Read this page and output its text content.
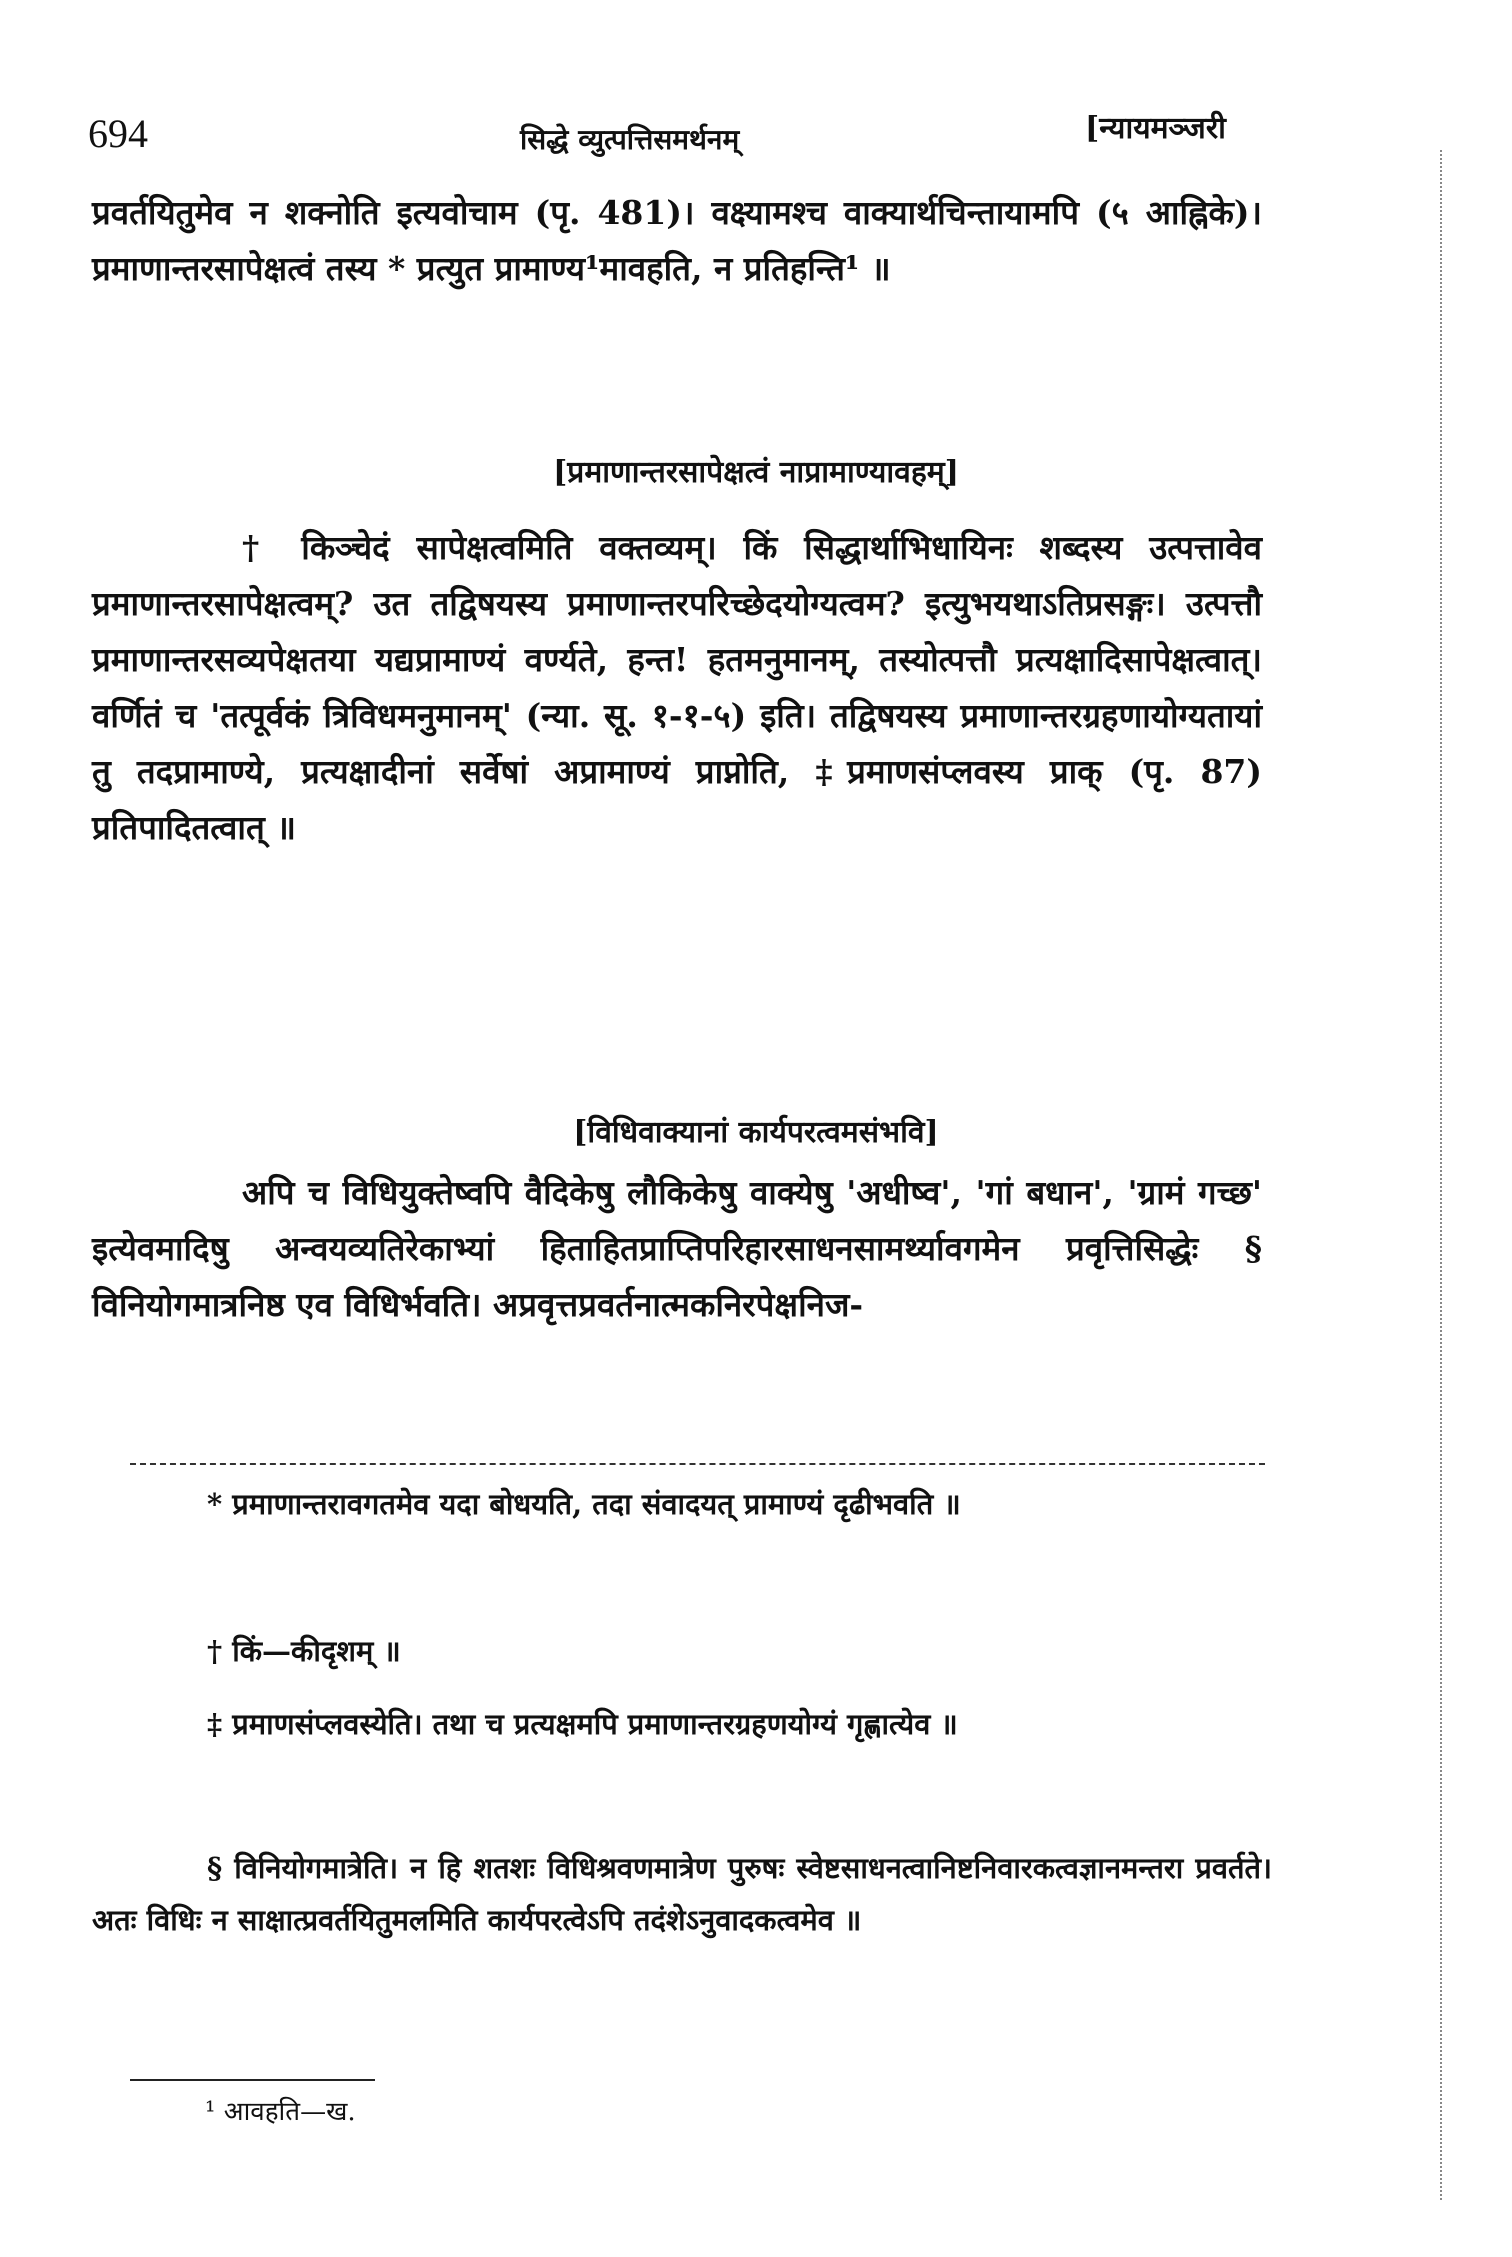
694	सिद्धे व्युत्पत्तिसमर्थनम्	[न्यायमञ्जरी
प्रवर्तयितुमेव न शक्नोति इत्यवोचाम (पृ. 481)। वक्ष्यामश्च वाक्यार्थचिन्तायामपि (५ आह्निके)। प्रमाणान्तरसापेक्षत्वं तस्य * प्रत्युत प्रामाण्य¹मावहति, न प्रतिहन्ति¹ ॥
[प्रमाणान्तरसापेक्षत्वं नाप्रामाण्यावहम्]
† किञ्चेदं सापेक्षत्वमिति वक्तव्यम्। किं सिद्धार्थाभिधायिनः शब्दस्य उत्पत्तावेव प्रमाणान्तरसापेक्षत्वम्? उत तद्विषयस्य प्रमाणान्तरपरिच्छेदयोग्यत्वम? इत्युभयथाऽतिप्रसङ्गः। उत्पत्तौ प्रमाणान्तरसव्यपेक्षतया यद्यप्रामाण्यं वर्ण्यते, हन्त! हतमनुमानम्, तस्योत्पत्तौ प्रत्यक्षादिसापेक्षत्वात्। वर्णितं च 'तत्पूर्वकं त्रिविधमनुमानम्' (न्या. सू. १-१-५) इति। तद्विषयस्य प्रमाणान्तरग्रहणायोग्यतायां तु तदप्रामाण्ये, प्रत्यक्षादीनां सर्वेषां अप्रामाण्यं प्राप्नोति, ‡प्रमाणसंप्लवस्य प्राक् (पृ. 87) प्रतिपादितत्वात् ॥
[विधिवाक्यानां कार्यपरत्वमसंभवि]
अपि च विधियुक्तेष्वपि वैदिकेषु लौकिकेषु वाक्येषु 'अधीष्व', 'गां बधान', 'ग्रामं गच्छ' इत्येवमादिषु अन्वयव्यतिरेकाभ्यां हिताहितप्राप्तिपरिहारसाधनसामर्थ्यावगमेन प्रवृत्तिसिद्धेः § विनियोगमात्रनिष्ठ एव विधिर्भवति। अप्रवृत्तप्रवर्तनात्मकनिरपेक्षनिज-
* प्रमाणान्तरावगतमेव यदा बोधयति, तदा संवादयत् प्रामाण्यं दृढीभवति ॥
† किं—कीदृशम् ॥
‡ प्रमाणसंप्लवस्येति। तथा च प्रत्यक्षमपि प्रमाणान्तरग्रहणयोग्यं गृह्णात्येव ॥
§ विनियोगमात्रेति। न हि शतशः विधिश्रवणमात्रेण पुरुषः स्वेष्टसाधनत्वानिष्टनिवारकत्वज्ञानमन्तरा प्रवर्तते। अतः विधिः न साक्षात्प्रवर्तयितुमलमिति कार्यपरत्वेऽपि तदंशेऽनुवादकत्वमेव ॥
¹ आवहति—ख.
